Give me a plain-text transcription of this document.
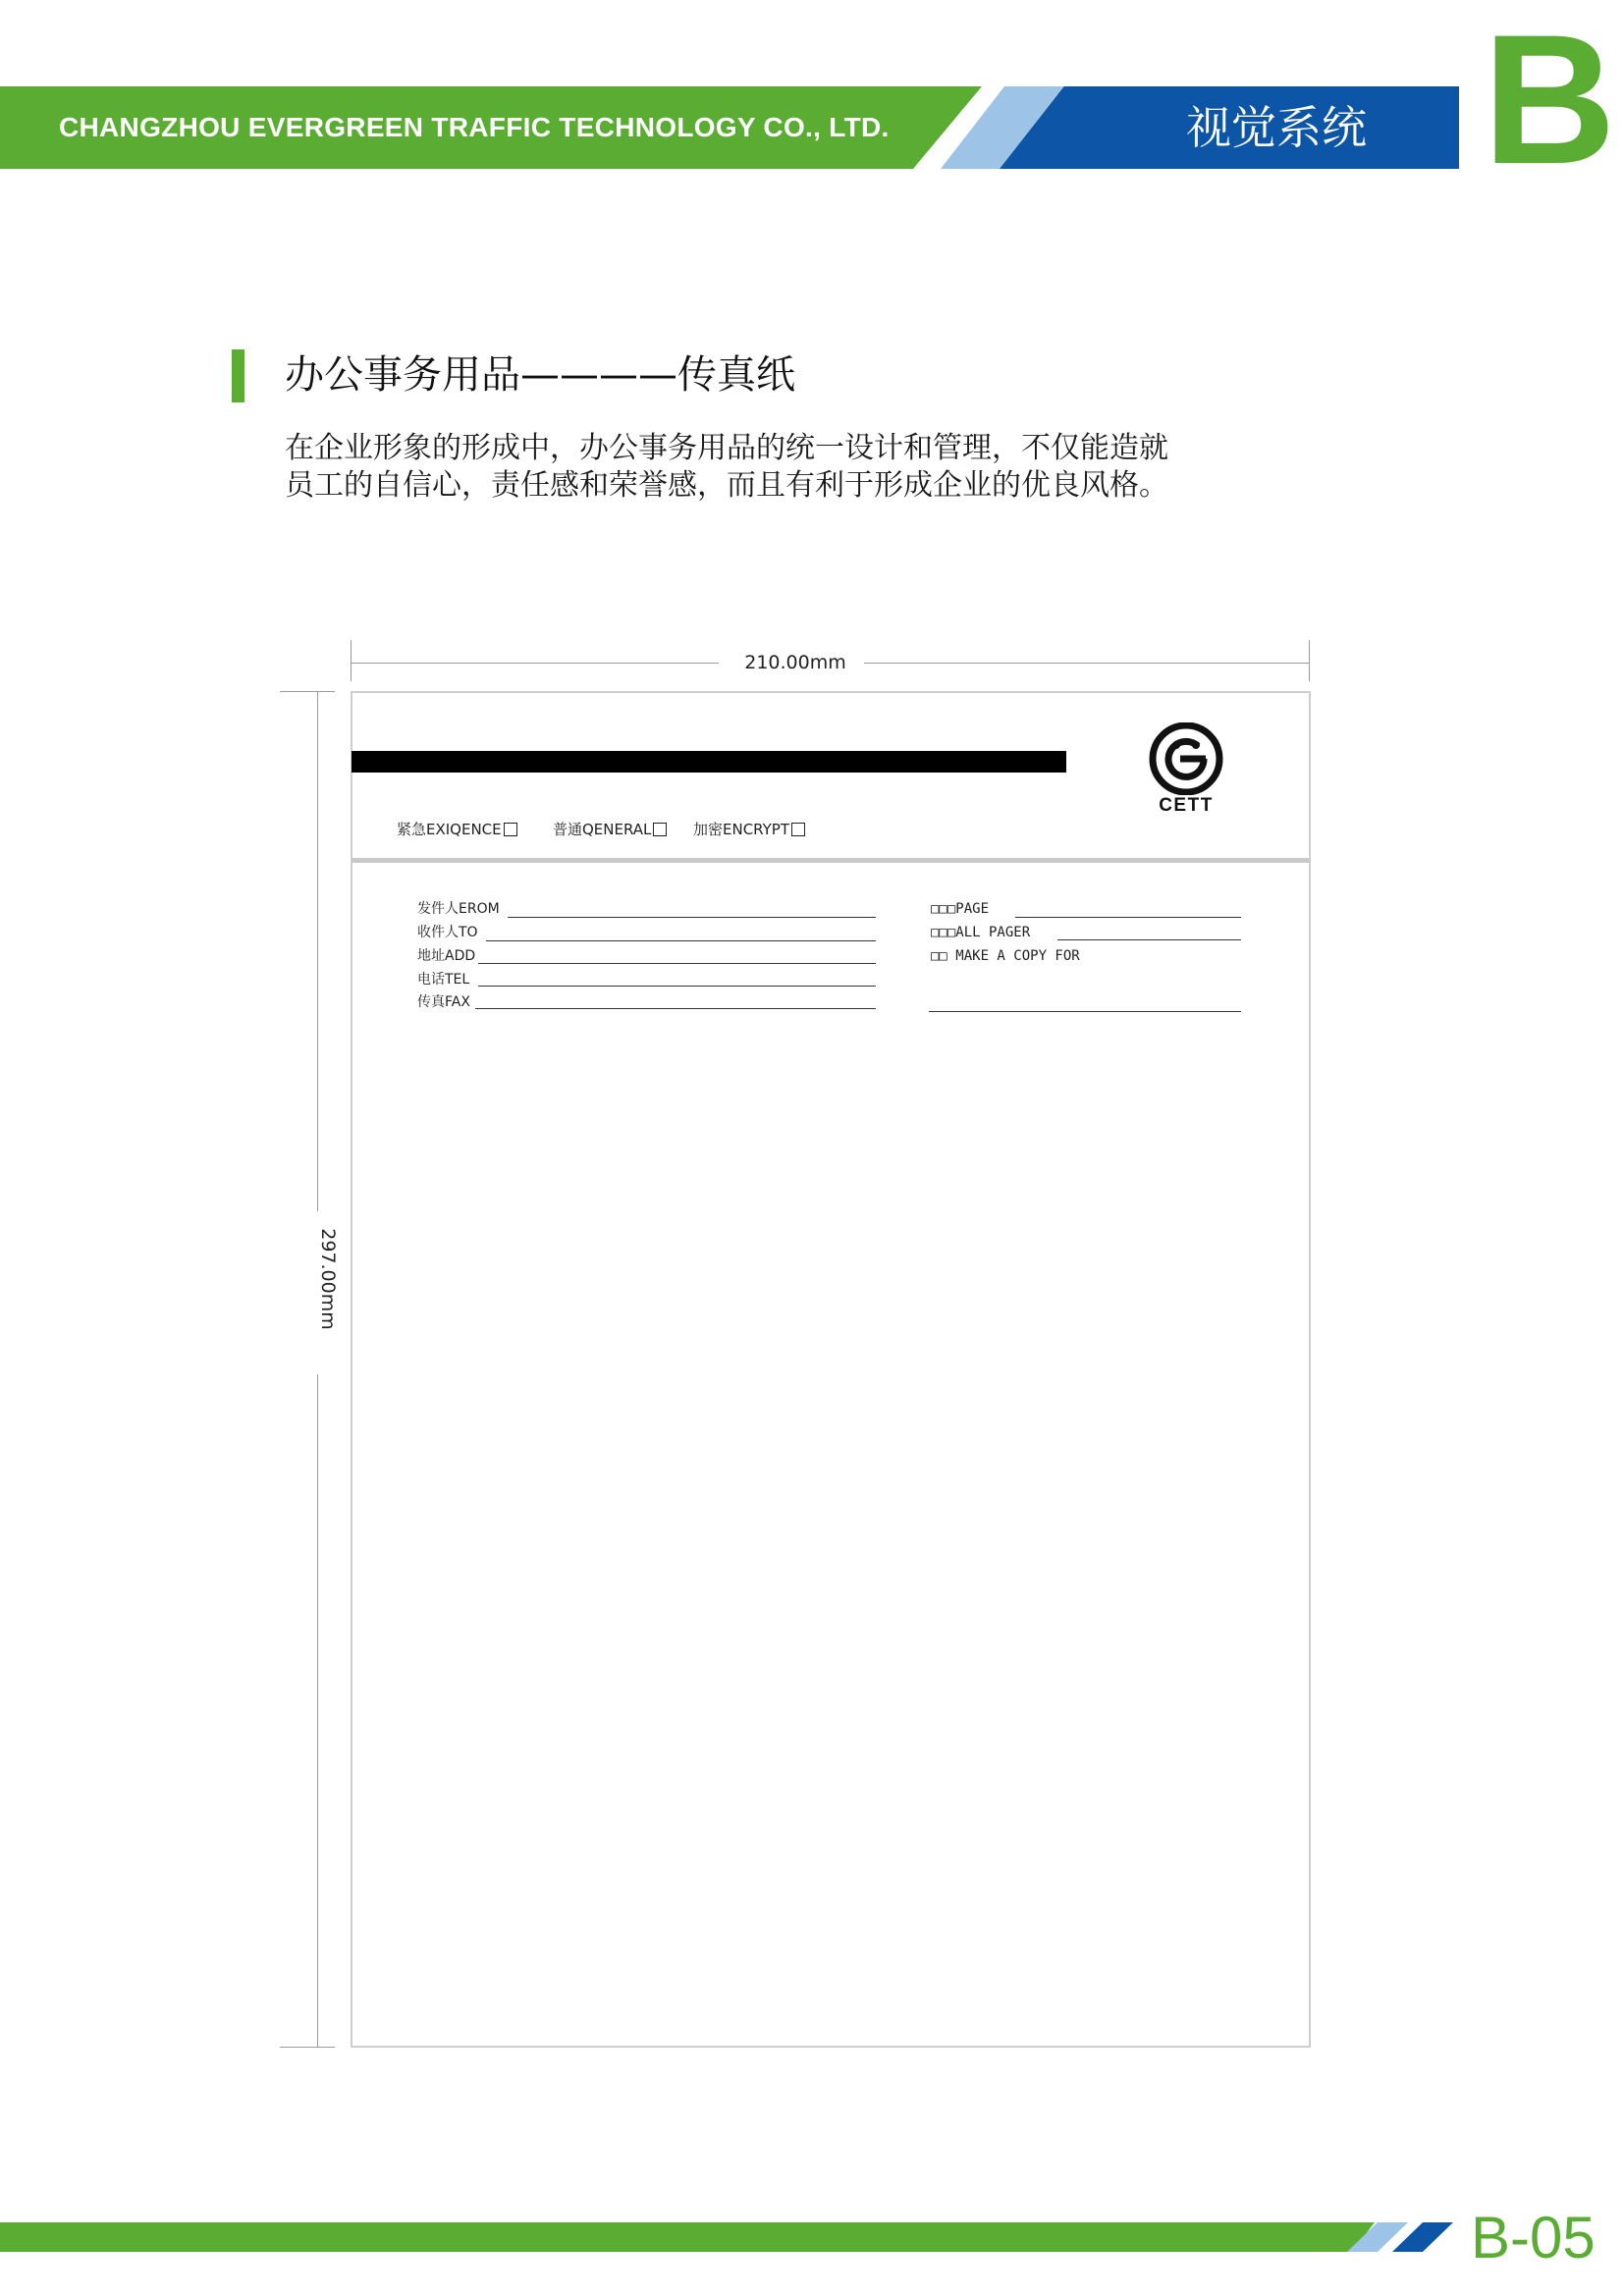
CHANGZHOU EVERGREEN TRAFFIC TECHNOLOGY CO., LTD.	视觉系统 B
办公事务用品————传真纸
在企业形象的形成中，办公事务用品的统一设计和管理，不仅能造就
员工的自信心，责任感和荣誉感，而且有利于形成企业的优良风格。
210.00mm
297.00mm
CETT
紧急EXIQENCE	普通QENERAL	加密ENCRYPT
发件人EROM
收件人TO
地址ADD
电话TEL
传真FAX
□□□PAGE
□□□ALL PAGER
□□ MAKE A COPY FOR
B-05
